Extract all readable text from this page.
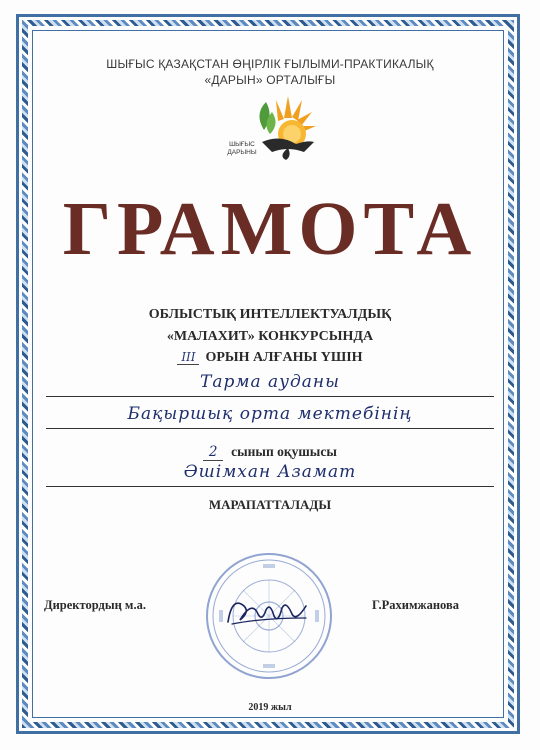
ШЫҒЫС ҚАЗАҚСТАН ӨҢІРЛІК ҒЫЛЫМИ-ПРАКТИКАЛЫҚ
«ДАРЫН» ОРТАЛЫҒЫ
ШЫҒЫС
ДАРЫНЫ
ГРАМОТА
ОБЛЫСТЫҚ ИНТЕЛЛЕКТУАЛДЫҚ
«МАЛАХИТ» КОНКУРСЫНДА
III ОРЫН АЛҒАНЫ ҮШІН
Тарма ауданы
Бақыршық орта мектебінің
2 сынып оқушысы
Әшімхан Азамат
МАРАПАТТАЛАДЫ
Директордың м.а.	Г.Рахимжанова
2019 жыл
